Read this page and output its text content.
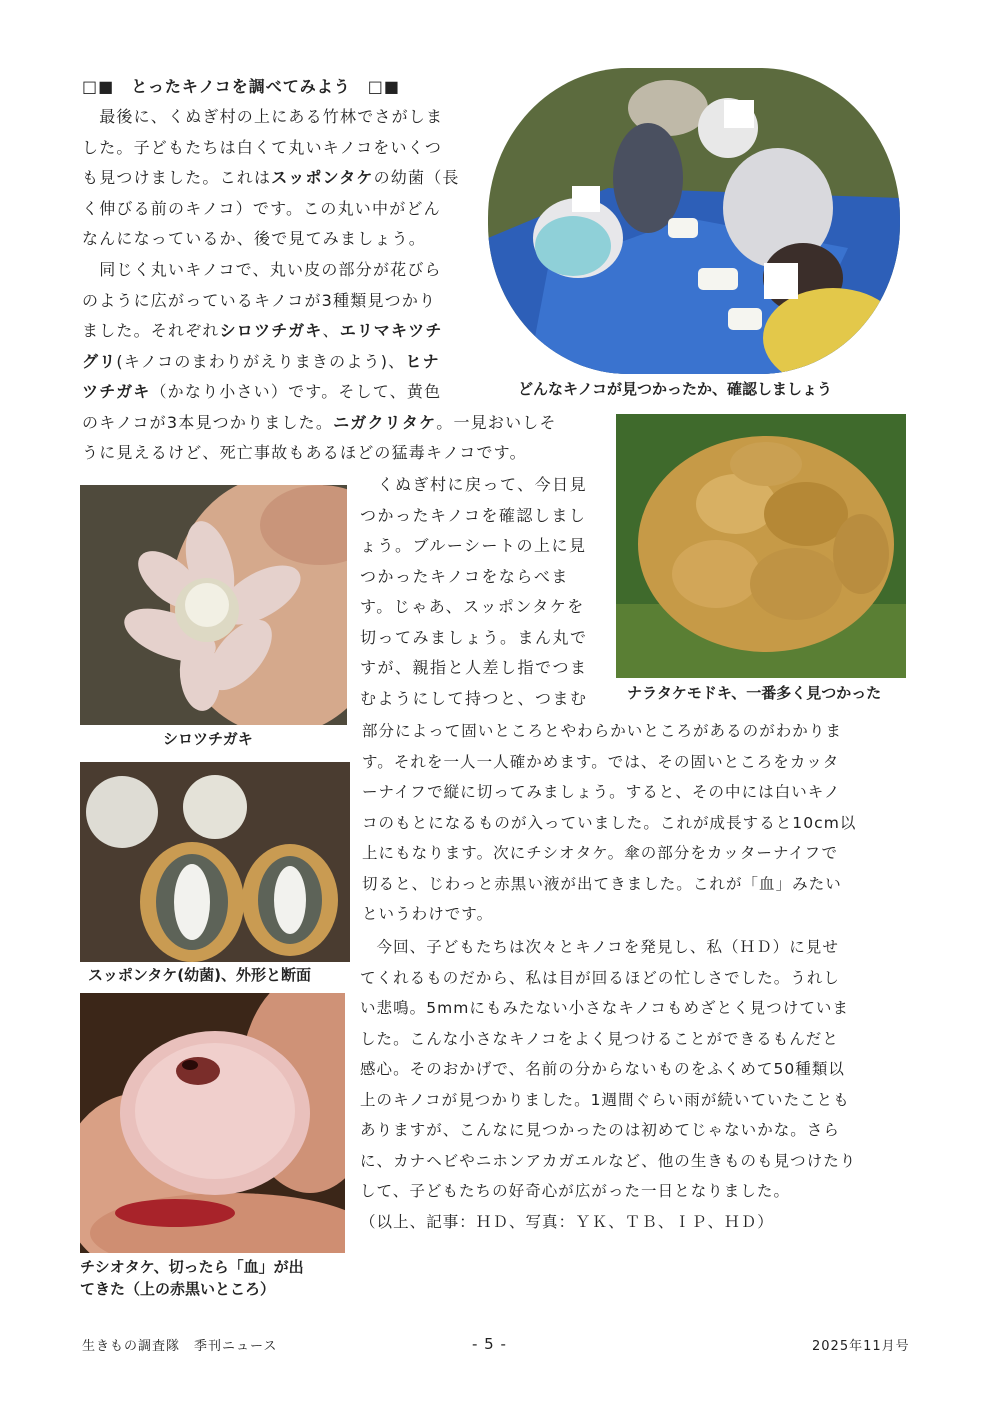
□■　とったキノコを調べてみよう　□■
　最後に、くぬぎ村の上にある竹林でさがしま
した。子どもたちは白くて丸いキノコをいくつ
も見つけました。これはスッポンタケの幼菌（長
く伸びる前のキノコ）です。この丸い中がどん
なんになっているか、後で見てみましょう。
　同じく丸いキノコで、丸い皮の部分が花びら
のように広がっているキノコが3種類見つかり
ました。それぞれシロツチガキ、エリマキツチ
グリ(キノコのまわりがえりまきのよう)、ヒナ
ツチガキ（かなり小さい）です。そして、黄色
のキノコが3本見つかりました。ニガクリタケ。一見おいしそ
うに見えるけど、死亡事故もあるほどの猛毒キノコです。
どんなキノコが見つかったか、確認しましょう
ナラタケモドキ、一番多く見つかった
シロツチガキ
スッポンタケ(幼菌)、外形と断面
チシオタケ、切ったら「血」が出
てきた（上の赤黒いところ）
　くぬぎ村に戻って、今日見
つかったキノコを確認しまし
ょう。ブルーシートの上に見
つかったキノコをならべま
す。じゃあ、スッポンタケを
切ってみましょう。まん丸で
すが、親指と人差し指でつま
むようにして持つと、つまむ
部分によって固いところとやわらかいところがあるのがわかりま
す。それを一人一人確かめます。では、その固いところをカッタ
ーナイフで縦に切ってみましょう。すると、その中には白いキノ
コのもとになるものが入っていました。これが成長すると10cm以
上にもなります。次にチシオタケ。傘の部分をカッターナイフで
切ると、じわっと赤黒い液が出てきました。これが「血」みたい
というわけです。
　今回、子どもたちは次々とキノコを発見し、私（ＨＤ）に見せ
てくれるものだから、私は目が回るほどの忙しさでした。うれし
い悲鳴。5mmにもみたない小さなキノコもめざとく見つけていま
した。こんな小さなキノコをよく見つけることができるもんだと
感心。そのおかげで、名前の分からないものをふくめて50種類以
上のキノコが見つかりました。1週間ぐらい雨が続いていたことも
ありますが、こんなに見つかったのは初めてじゃないかな。さら
に、カナヘビやニホンアカガエルなど、他の生きものも見つけたり
して、子どもたちの好奇心が広がった一日となりました。
（以上、記事：ＨＤ、写真：ＹＫ、ＴＢ、ＩＰ、ＨＤ）
生きもの調査隊　季刊ニュース	- 5 -	2025年11月号
